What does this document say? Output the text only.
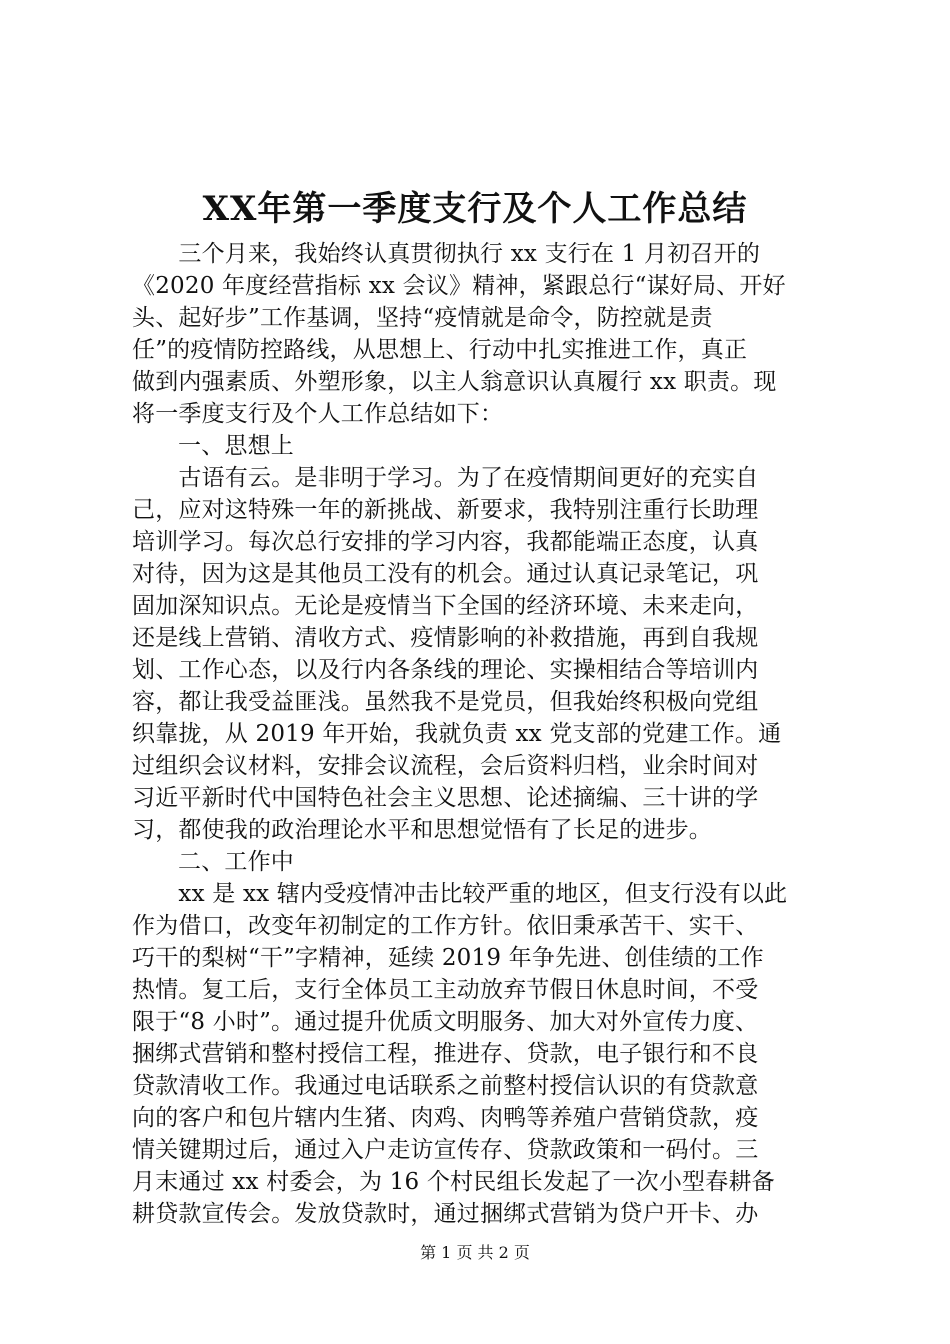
XX年第一季度支行及个人工作总结
　　三个月来，我始终认真贯彻执行 xx 支行在 1 月初召开的
《2020 年度经营指标 xx 会议》精神，紧跟总行“谋好局、开好
头、起好步”工作基调，坚持“疫情就是命令，防控就是责
任”的疫情防控路线，从思想上、行动中扎实推进工作，真正
做到内强素质、外塑形象，以主人翁意识认真履行 xx 职责。现
将一季度支行及个人工作总结如下：
一、思想上
　　古语有云。是非明于学习。为了在疫情期间更好的充实自
己，应对这特殊一年的新挑战、新要求，我特别注重行长助理
培训学习。每次总行安排的学习内容，我都能端正态度，认真
对待，因为这是其他员工没有的机会。通过认真记录笔记，巩
固加深知识点。无论是疫情当下全国的经济环境、未来走向，
还是线上营销、清收方式、疫情影响的补救措施，再到自我规
划、工作心态，以及行内各条线的理论、实操相结合等培训内
容，都让我受益匪浅。虽然我不是党员，但我始终积极向党组
织靠拢，从 2019 年开始，我就负责 xx 党支部的党建工作。通
过组织会议材料，安排会议流程，会后资料归档，业余时间对
习近平新时代中国特色社会主义思想、论述摘编、三十讲的学
习，都使我的政治理论水平和思想觉悟有了长足的进步。
二、工作中
　　xx 是 xx 辖内受疫情冲击比较严重的地区，但支行没有以此
作为借口，改变年初制定的工作方针。依旧秉承苦干、实干、
巧干的梨树“干”字精神，延续 2019 年争先进、创佳绩的工作
热情。复工后，支行全体员工主动放弃节假日休息时间，不受
限于“8 小时”。通过提升优质文明服务、加大对外宣传力度、
捆绑式营销和整村授信工程，推进存、贷款，电子银行和不良
贷款清收工作。我通过电话联系之前整村授信认识的有贷款意
向的客户和包片辖内生猪、肉鸡、肉鸭等养殖户营销贷款，疫
情关键期过后，通过入户走访宣传存、贷款政策和一码付。三
月末通过 xx 村委会，为 16 个村民组长发起了一次小型春耕备
耕贷款宣传会。发放贷款时，通过捆绑式营销为贷户开卡、办
第 1 页 共 2 页
